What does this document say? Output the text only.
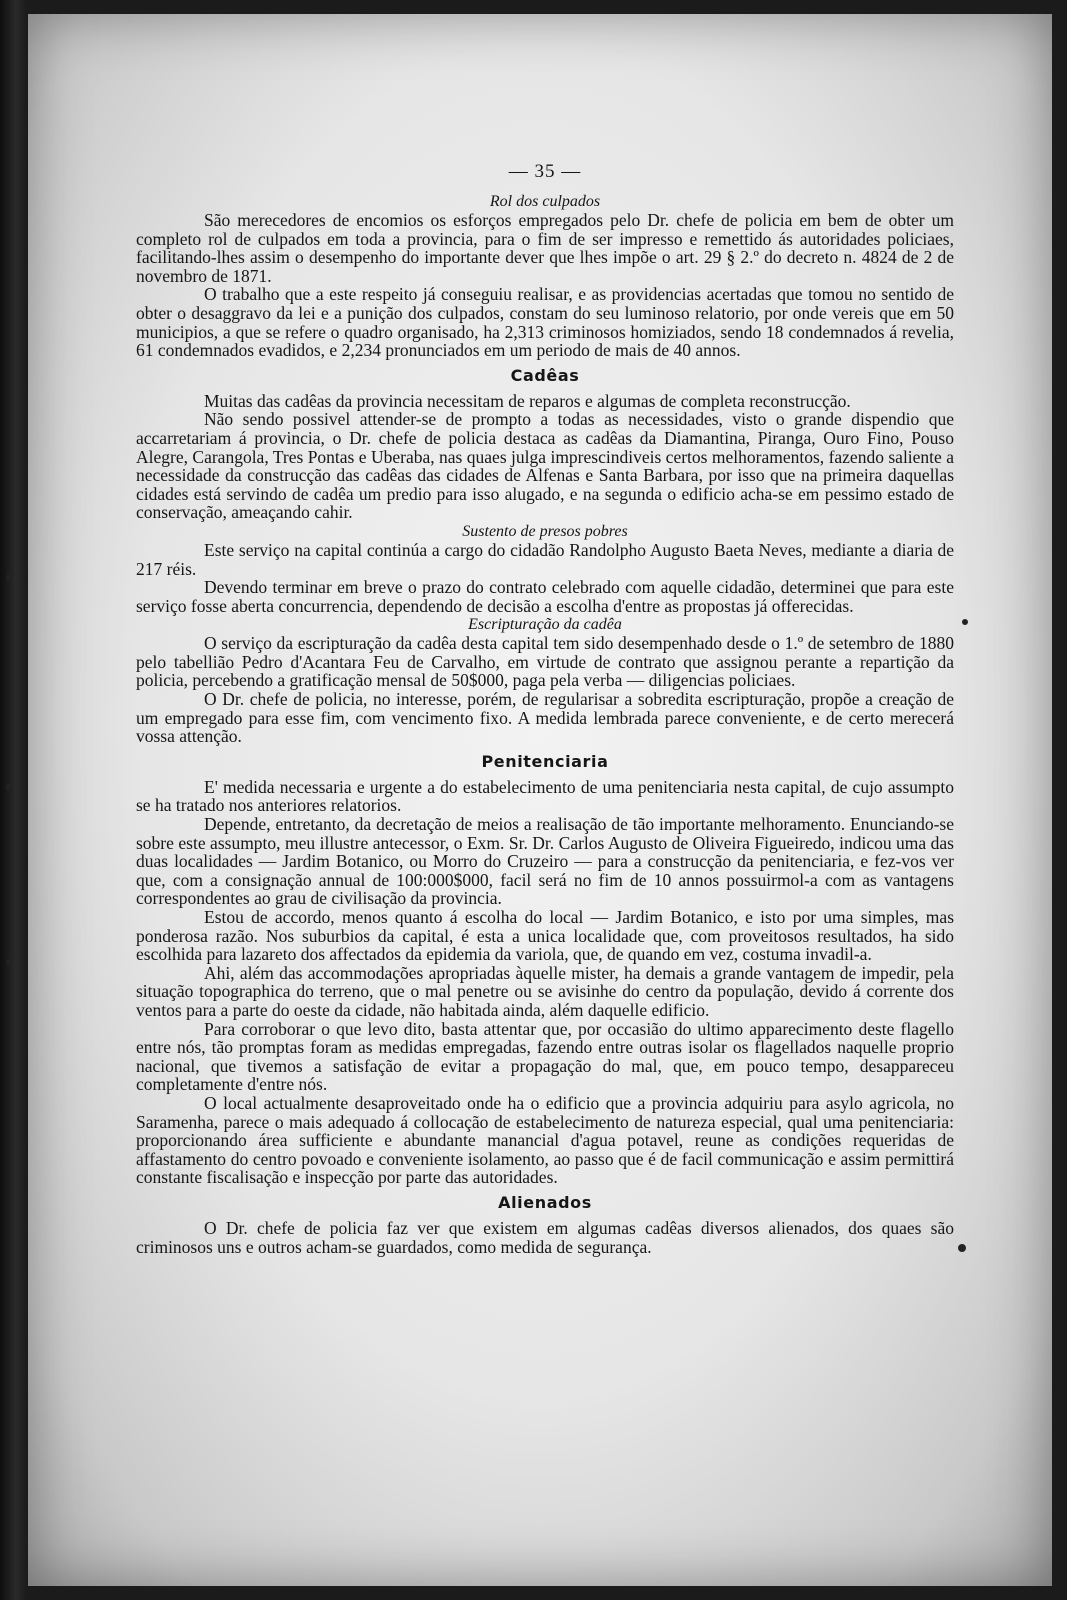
— 35 —

Rol dos culpados

São merecedores de encomios os esforços empregados pelo Dr. chefe de policia em bem de obter um completo rol de culpados em toda a provincia, para o fim de ser impresso e remettido ás autoridades policiaes, facilitando-lhes assim o desempenho do importante dever que lhes impõe o art. 29 § 2.º do decreto n. 4824 de 2 de novembro de 1871.

O trabalho que a este respeito já conseguiu realisar, e as providencias acertadas que tomou no sentido de obter o desaggravo da lei e a punição dos culpados, constam do seu luminoso relatorio, por onde vereis que em 50 municipios, a que se refere o quadro organisado, ha 2,313 criminosos homiziados, sendo 18 condemnados á revelia, 61 condemnados evadidos, e 2,234 pronunciados em um periodo de mais de 40 annos.

Cadêas

Muitas das cadêas da provincia necessitam de reparos e algumas de completa reconstrucção.

Não sendo possivel attender-se de prompto a todas as necessidades, visto o grande dispendio que accarretariam á provincia, o Dr. chefe de policia destaca as cadêas da Diamantina, Piranga, Ouro Fino, Pouso Alegre, Carangola, Tres Pontas e Uberaba, nas quaes julga imprescindiveis certos melhoramentos, fazendo saliente a necessidade da construcção das cadêas das cidades de Alfenas e Santa Barbara, por isso que na primeira daquellas cidades está servindo de cadêa um predio para isso alugado, e na segunda o edificio acha-se em pessimo estado de conservação, ameaçando cahir.

Sustento de presos pobres

Este serviço na capital continúa a cargo do cidadão Randolpho Augusto Baeta Neves, mediante a diaria de 217 réis.

Devendo terminar em breve o prazo do contrato celebrado com aquelle cidadão, determinei que para este serviço fosse aberta concurrencia, dependendo de decisão a escolha d'entre as propostas já offerecidas.

Escripturação da cadêa

O serviço da escripturação da cadêa desta capital tem sido desempenhado desde o 1.º de setembro de 1880 pelo tabellião Pedro d'Acantara Feu de Carvalho, em virtude de contrato que assignou perante a repartição da policia, percebendo a gratificação mensal de 50$000, paga pela verba — diligencias policiaes.

O Dr. chefe de policia, no interesse, porém, de regularisar a sobredita escripturação, propõe a creação de um empregado para esse fim, com vencimento fixo. A medida lembrada parece conveniente, e de certo merecerá vossa attenção.

Penitenciaria

E' medida necessaria e urgente a do estabelecimento de uma penitenciaria nesta capital, de cujo assumpto se ha tratado nos anteriores relatorios.

Depende, entretanto, da decretação de meios a realisação de tão importante melhoramento. Enunciando-se sobre este assumpto, meu illustre antecessor, o Exm. Sr. Dr. Carlos Augusto de Oliveira Figueiredo, indicou uma das duas localidades — Jardim Botanico, ou Morro do Cruzeiro — para a construcção da penitenciaria, e fez-vos ver que, com a consignação annual de 100:000$000, facil será no fim de 10 annos possuirmol-a com as vantagens correspondentes ao grau de civilisação da provincia.

Estou de accordo, menos quanto á escolha do local — Jardim Botanico, e isto por uma simples, mas ponderosa razão. Nos suburbios da capital, é esta a unica localidade que, com proveitosos resultados, ha sido escolhida para lazareto dos affectados da epidemia da variola, que, de quando em vez, costuma invadil-a.

Ahi, além das accommodações apropriadas àquelle mister, ha demais a grande vantagem de impedir, pela situação topographica do terreno, que o mal penetre ou se avisinhe do centro da população, devido á corrente dos ventos para a parte do oeste da cidade, não habitada ainda, além daquelle edificio.

Para corroborar o que levo dito, basta attentar que, por occasião do ultimo apparecimento deste flagello entre nós, tão promptas foram as medidas empregadas, fazendo entre outras isolar os flagellados naquelle proprio nacional, que tivemos a satisfação de evitar a propagação do mal, que, em pouco tempo, desappareceu completamente d'entre nós.

O local actualmente desaproveitado onde ha o edificio que a provincia adquiriu para asylo agricola, no Saramenha, parece o mais adequado á collocação de estabelecimento de natureza especial, qual uma penitenciaria: proporcionando área sufficiente e abundante manancial d'agua potavel, reune as condições requeridas de affastamento do centro povoado e conveniente isolamento, ao passo que é de facil communicação e assim permittirá constante fiscalisação e inspecção por parte das autoridades.

Alienados

O Dr. chefe de policia faz ver que existem em algumas cadêas diversos alienados, dos quaes são criminosos uns e outros acham-se guardados, como medida de segurança.
